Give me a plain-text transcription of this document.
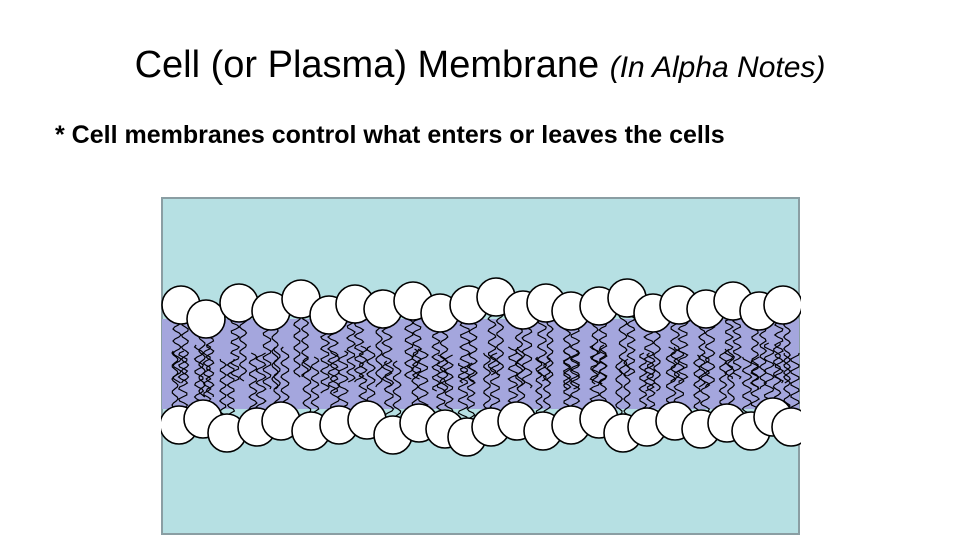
Cell (or Plasma) Membrane (In Alpha Notes)
* Cell membranes control what enters or leaves the cells
